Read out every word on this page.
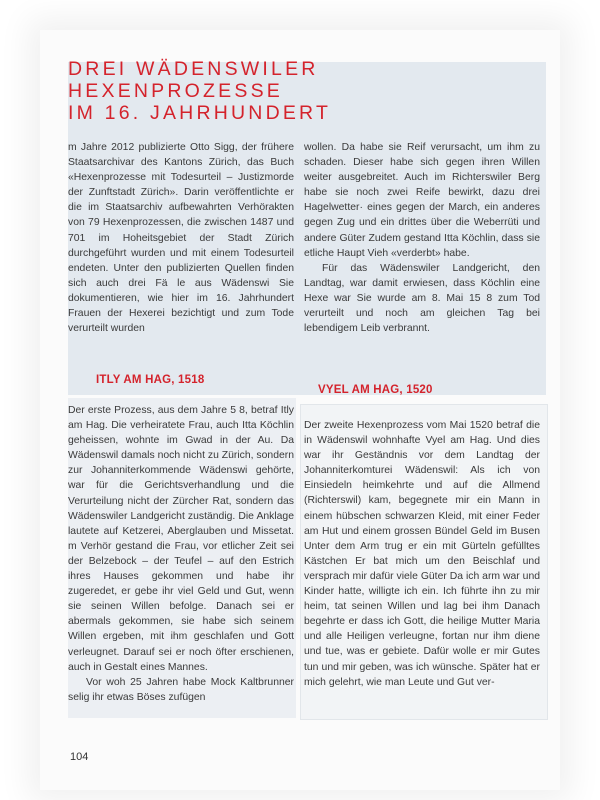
DREI WÄDENSWILER HEXENPROZESSE
IM 16. JAHRHUNDERT

m Jahre 2012 publizierte Otto Sigg, der frühere Staatsarchivar des Kantons Zürich, das Buch «Hexenprozesse mit Todesurteil – Justizmorde der Zunftstadt Zürich». Darin veröffentlichte er die im Staatsarchiv aufbewahrten Verhörakten von 79 Hexenprozessen, die zwischen 1487 und 701 im Hoheitsgebiet der Stadt Zürich durchgeführt wurden und mit einem Todesurteil endeten. Unter den publizierten Quellen finden sich auch drei Fä le aus Wädenswi Sie dokumentieren, wie hier im 16. Jahrhundert Frauen der Hexerei bezichtigt und zum Tode verurteilt wurden

wollen. Da habe sie Reif verursacht, um ihm zu schaden. Dieser habe sich gegen ihren Willen weiter ausgebreitet. Auch im Richterswiler Berg habe sie noch zwei Reife bewirkt, dazu drei Hagelwetter· eines gegen der March, ein anderes gegen Zug und ein drittes über die Weberrüti und andere Güter Zudem gestand Itta Köchlin, dass sie etliche Haupt Vieh «verderbt» habe.

Für das Wädenswiler Landgericht, den Landtag, war damit erwiesen, dass Köchlin eine Hexe war Sie wurde am 8. Mai 15 8 zum Tod verurteilt und noch am gleichen Tag bei lebendigem Leib verbrannt.

ITLY AM HAG, 1518
VYEL AM HAG, 1520

Der erste Prozess, aus dem Jahre 5 8, betraf Itly am Hag. Die verheiratete Frau, auch Itta Köchlin geheissen, wohnte im Gwad in der Au. Da Wädenswil damals noch nicht zu Zürich, sondern zur Johanniterkommende Wädenswi gehörte, war für die Gerichtsverhandlung und die Verurteilung nicht der Zürcher Rat, sondern das Wädenswiler Landgericht zuständig. Die Anklage lautete auf Ketzerei, Aberglauben und Missetat. m Verhör gestand die Frau, vor etlicher Zeit sei der Belzebock – der Teufel – auf den Estrich ihres Hauses gekommen und habe ihr zugeredet, er gebe ihr viel Geld und Gut, wenn sie seinen Willen befolge. Danach sei er abermals gekommen, sie habe sich seinem Willen ergeben, mit ihm geschlafen und Gott verleugnet. Darauf sei er noch öfter erschienen, auch in Gestalt eines Mannes.

Vor woh 25 Jahren habe Mock Kaltbrunner selig ihr etwas Böses zufügen

Der zweite Hexenprozess vom Mai 1520 betraf die in Wädenswil wohnhafte Vyel am Hag. Und dies war ihr Geständnis vor dem Landtag der Johanniterkomturei Wädenswil: Als ich von Einsiedeln heimkehrte und auf die Allmend (Richterswil) kam, begegnete mir ein Mann in einem hübschen schwarzen Kleid, mit einer Feder am Hut und einem grossen Bündel Geld im Busen Unter dem Arm trug er ein mit Gürteln gefülltes Kästchen Er bat mich um den Beischlaf und versprach mir dafür viele Güter Da ich arm war und Kinder hatte, willigte ich ein. Ich führte ihn zu mir heim, tat seinen Willen und lag bei ihm Danach begehrte er dass ich Gott, die heilige Mutter Maria und alle Heiligen verleugne, fortan nur ihm diene und tue, was er gebiete. Dafür wolle er mir Gutes tun und mir geben, was ich wünsche. Später hat er mich gelehrt, wie man Leute und Gut ver-

104
